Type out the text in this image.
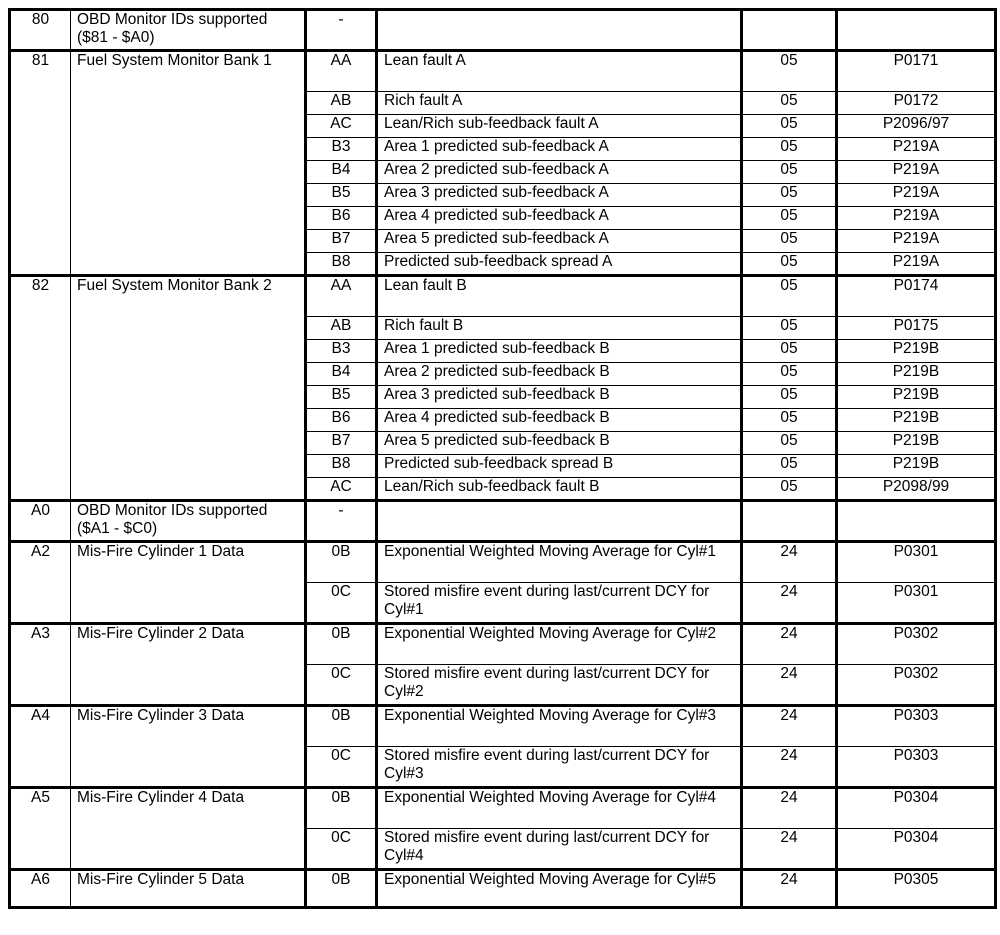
80	OBD Monitor IDs supported ($81 - $A0)	-			
81	Fuel System Monitor Bank 1	AA	Lean fault A	05	P0171
		AB	Rich fault A	05	P0172
		AC	Lean/Rich sub-feedback fault A	05	P2096/97
		B3	Area 1 predicted sub-feedback A	05	P219A
		B4	Area 2 predicted sub-feedback A	05	P219A
		B5	Area 3 predicted sub-feedback A	05	P219A
		B6	Area 4 predicted sub-feedback A	05	P219A
		B7	Area 5 predicted sub-feedback A	05	P219A
		B8	Predicted sub-feedback spread A	05	P219A
82	Fuel System Monitor Bank 2	AA	Lean fault B	05	P0174
		AB	Rich fault B	05	P0175
		B3	Area 1 predicted sub-feedback B	05	P219B
		B4	Area 2 predicted sub-feedback B	05	P219B
		B5	Area 3 predicted sub-feedback B	05	P219B
		B6	Area 4 predicted sub-feedback B	05	P219B
		B7	Area 5 predicted sub-feedback B	05	P219B
		B8	Predicted sub-feedback spread B	05	P219B
		AC	Lean/Rich sub-feedback fault B	05	P2098/99
A0	OBD Monitor IDs supported ($A1 - $C0)	-			
A2	Mis-Fire Cylinder 1 Data	0B	Exponential Weighted Moving Average for Cyl#1	24	P0301
		0C	Stored misfire event during last/current DCY for Cyl#1	24	P0301
A3	Mis-Fire Cylinder 2 Data	0B	Exponential Weighted Moving Average for Cyl#2	24	P0302
		0C	Stored misfire event during last/current DCY for Cyl#2	24	P0302
A4	Mis-Fire Cylinder 3 Data	0B	Exponential Weighted Moving Average for Cyl#3	24	P0303
		0C	Stored misfire event during last/current DCY for Cyl#3	24	P0303
A5	Mis-Fire Cylinder 4 Data	0B	Exponential Weighted Moving Average for Cyl#4	24	P0304
		0C	Stored misfire event during last/current DCY for Cyl#4	24	P0304
A6	Mis-Fire Cylinder 5 Data	0B	Exponential Weighted Moving Average for Cyl#5	24	P0305
